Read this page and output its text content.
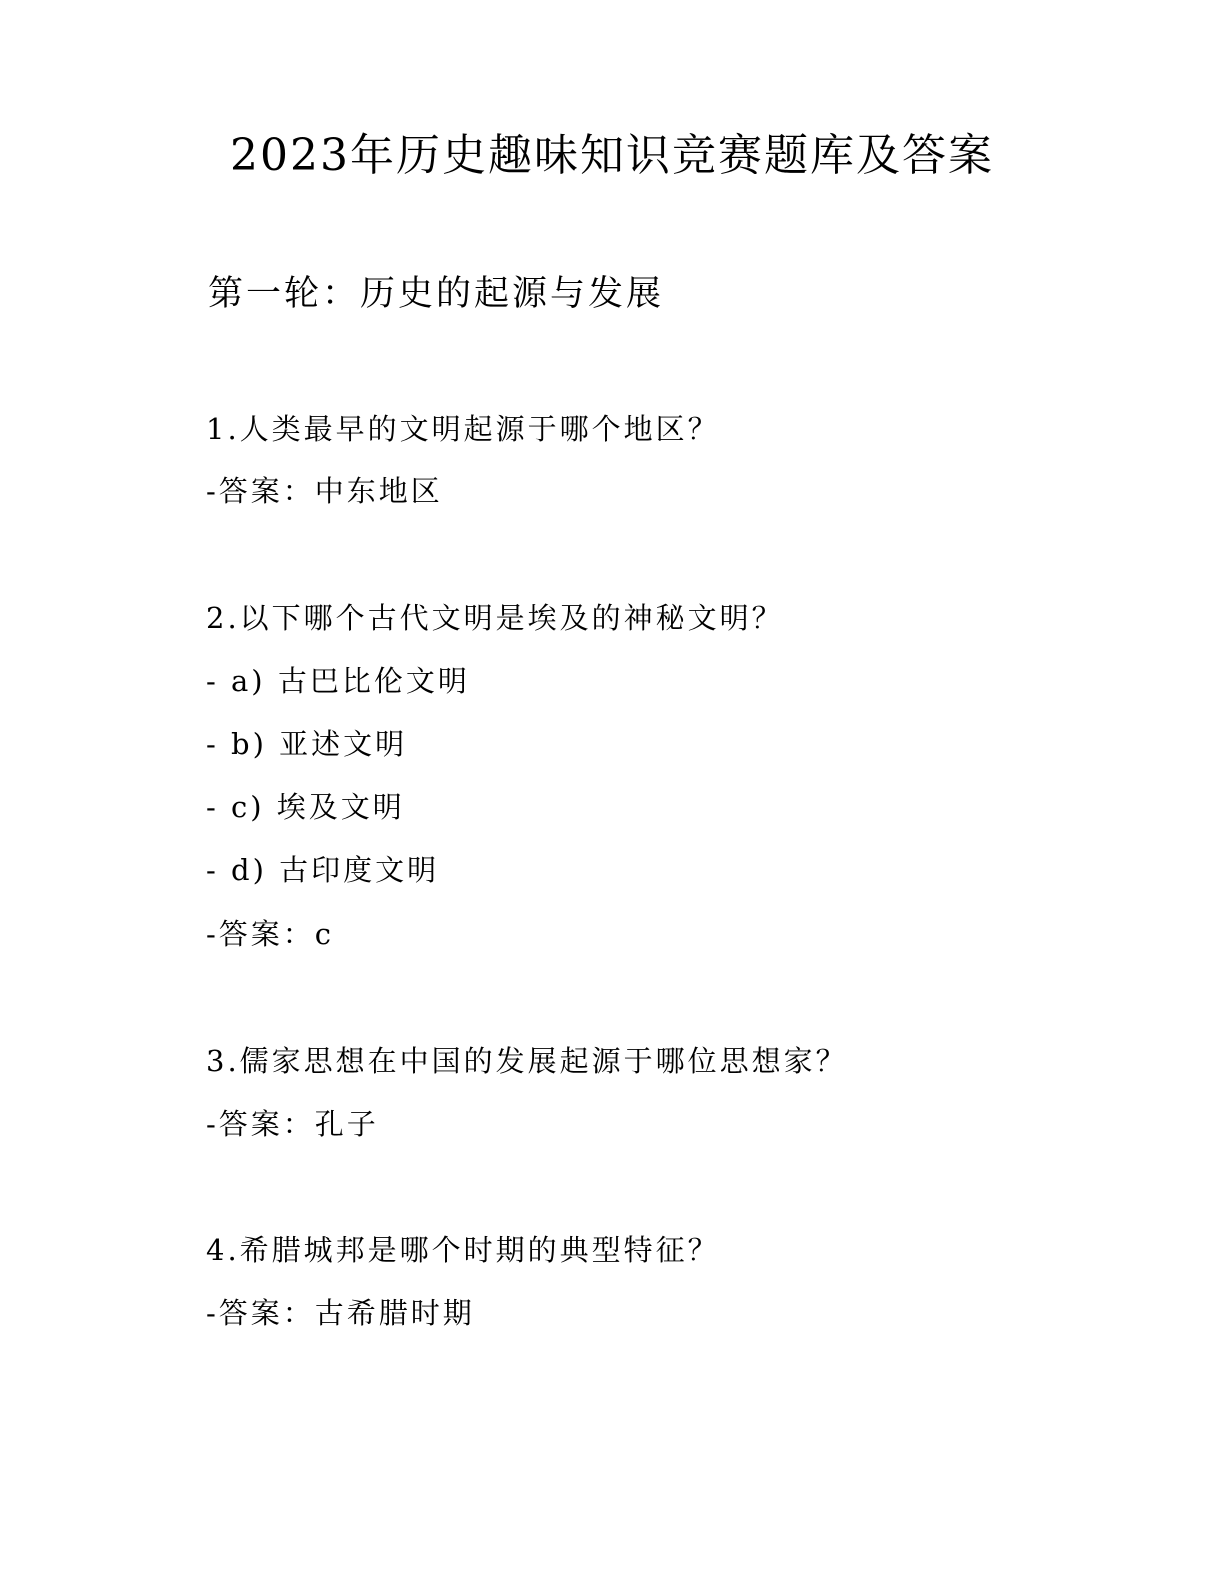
2023年历史趣味知识竞赛题库及答案
第一轮：历史的起源与发展
1.人类最早的文明起源于哪个地区？
-答案：中东地区
2.以下哪个古代文明是埃及的神秘文明？
- a) 古巴比伦文明
- b) 亚述文明
- c) 埃及文明
- d) 古印度文明
-答案：c
3.儒家思想在中国的发展起源于哪位思想家？
-答案：孔子
4.希腊城邦是哪个时期的典型特征？
-答案：古希腊时期
